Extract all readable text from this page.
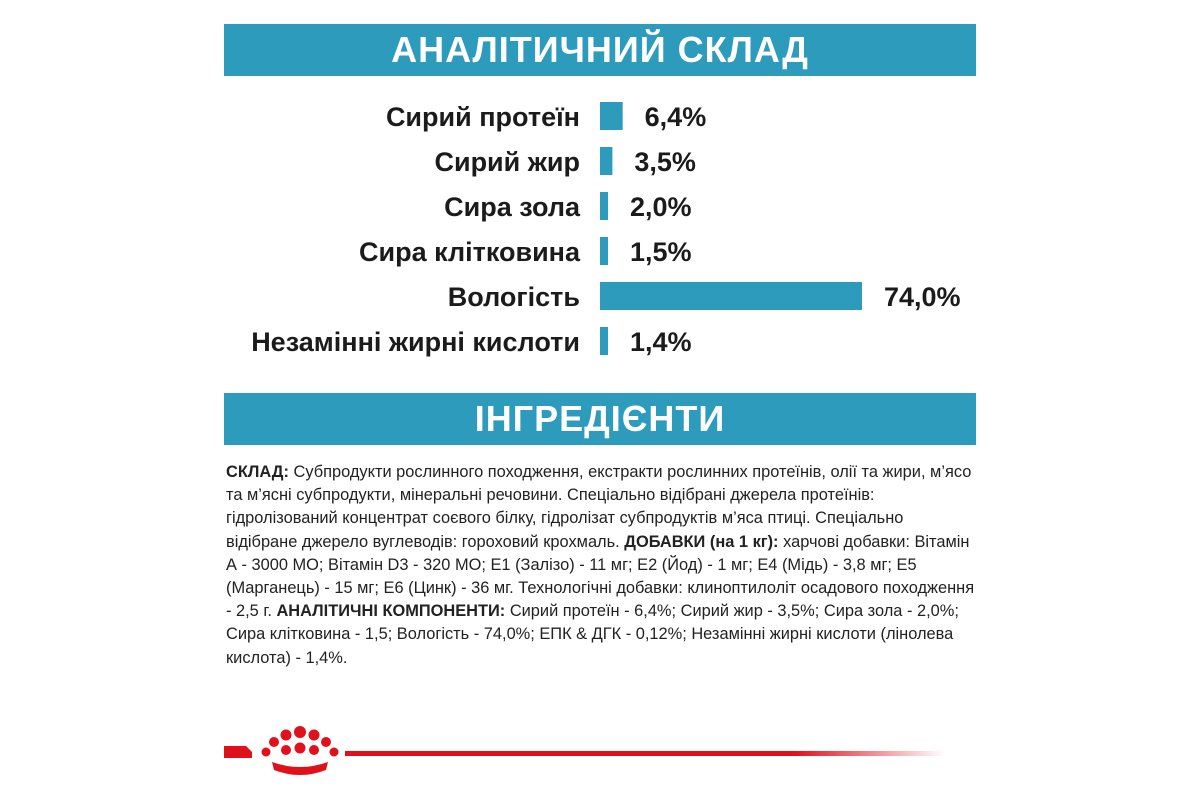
АНАЛІТИЧНИЙ СКЛАД
Сирий протеїн 6,4%
Сирий жир 3,5%
Сира зола 2,0%
Сира клітковина 1,5%
Вологість	74,0%
Незамінні жирні кислоти 1,4%
ІНГРЕДІЄНТИ
СКЛАД: Субпродукти рослинного походження, екстракти рослинних протеїнів, олії та жири, м’ясо та м’ясні субпродукти, мінеральні речовини. Спеціально відібрані джерела протеїнів: гідролізований концентрат соєвого білку, гідролізат субпродуктів м’яса птиці. Спеціально відібране джерело вуглеводів: гороховий крохмаль. ДОБАВКИ (на 1 кг): харчові добавки: Вітамін А - 3000 МО; Вітамін D3 - 320 МО; Е1 (Залізо) - 11 мг; Е2 (Йод) - 1 мг; Е4 (Мідь) - 3,8 мг; Е5 (Марганець) - 15 мг; Е6 (Цинк) - 36 мг. Технологічні добавки: клиноптилоліт осадового походження - 2,5 г. АНАЛІТИЧНІ КОМПОНЕНТИ: Сирий протеїн - 6,4%; Сирий жир - 3,5%; Сира зола - 2,0%; Сира клітковина - 1,5; Вологість - 74,0%; ЕПК & ДГК - 0,12%; Незамінні жирні кислоти (лінолева кислота) - 1,4%.
